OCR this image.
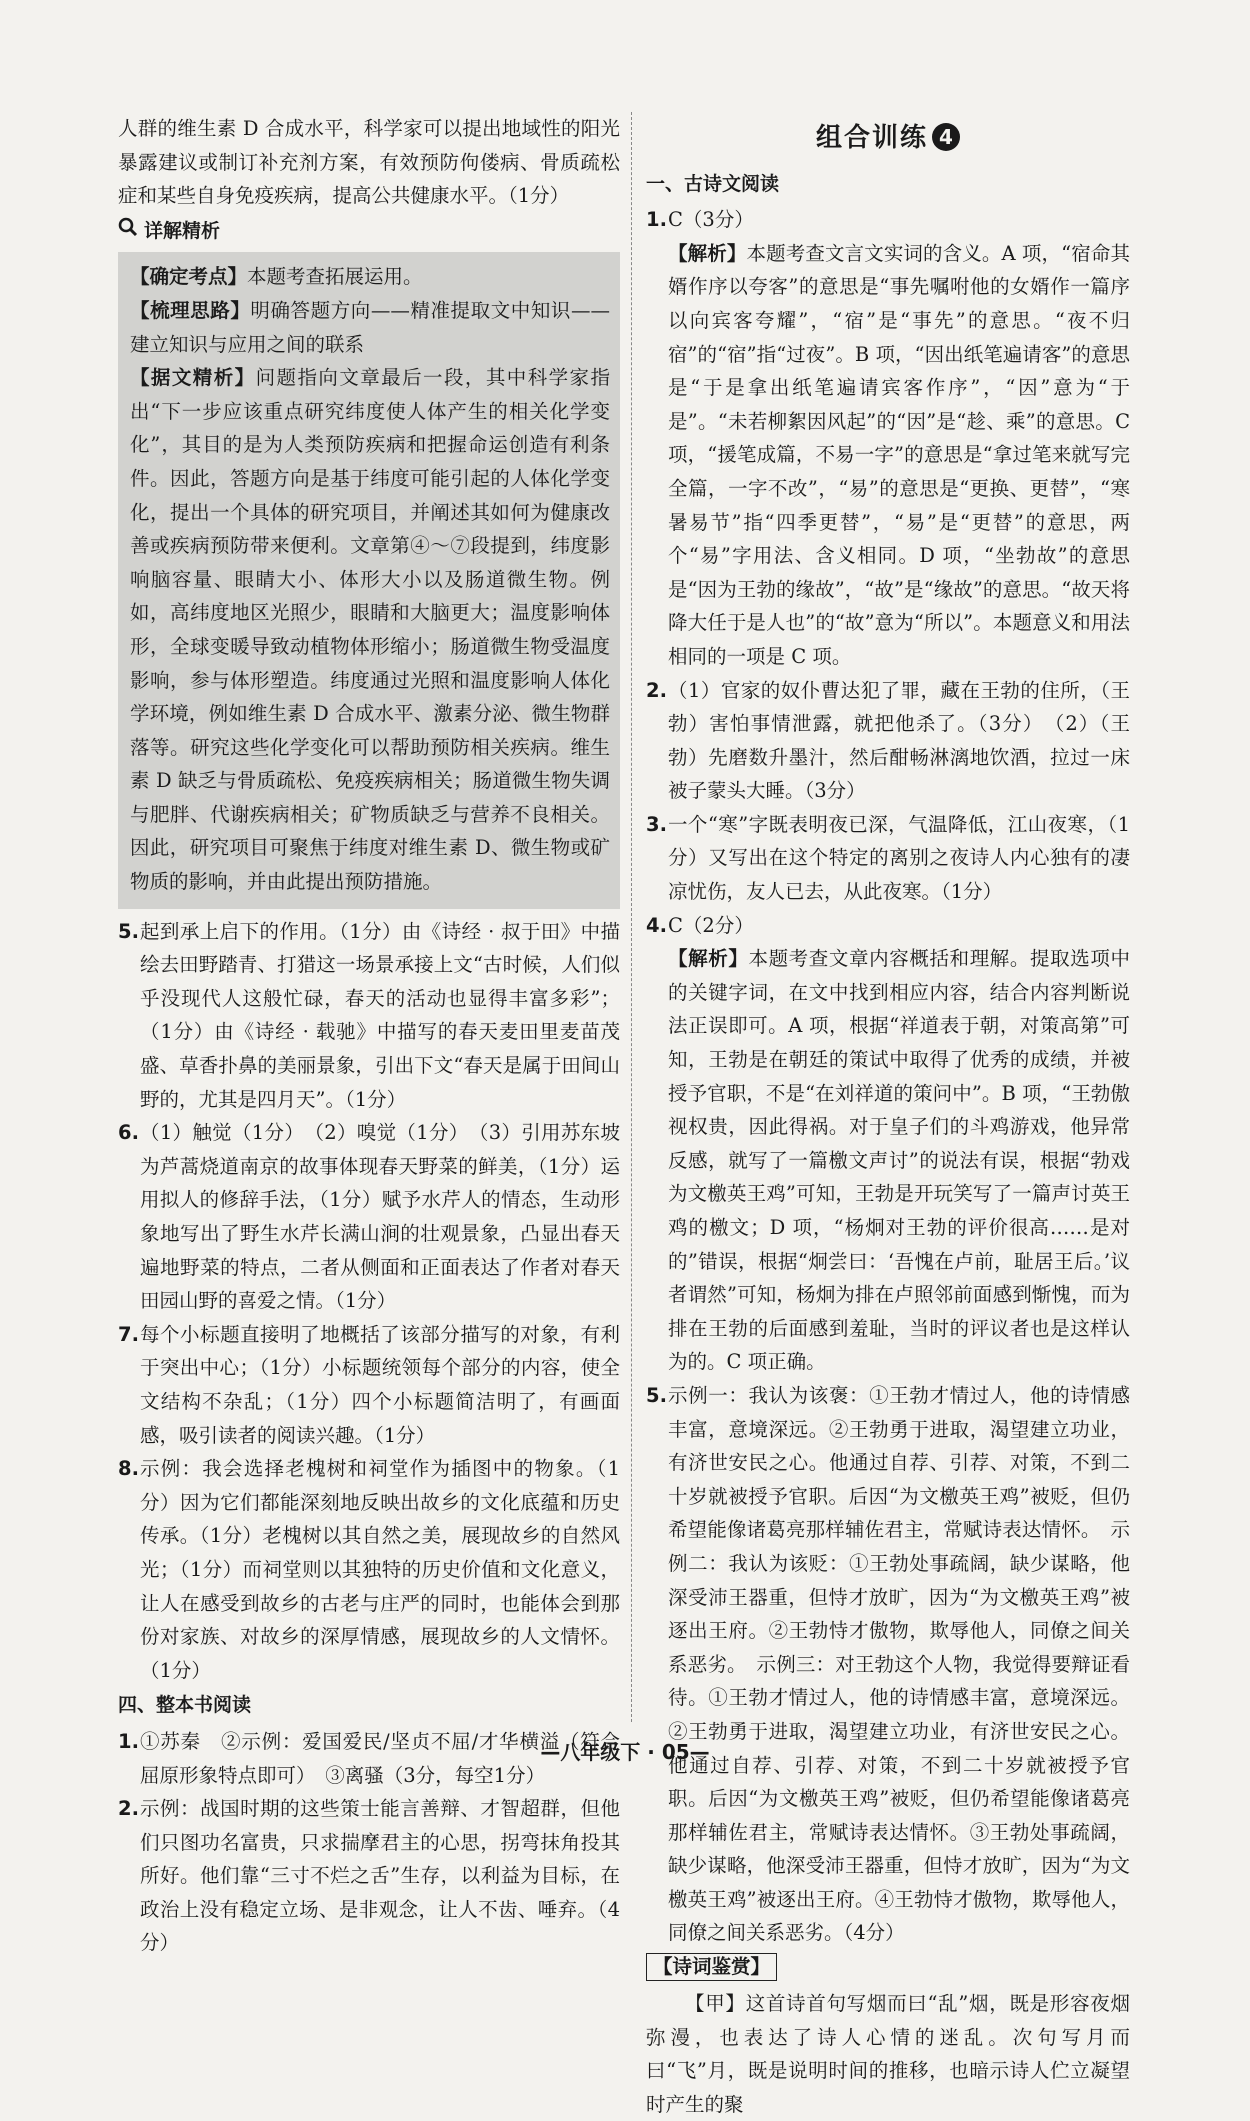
人群的维生素 D 合成水平，科学家可以提出地域性的阳光暴露建议或制订补充剂方案，有效预防佝偻病、骨质疏松症和某些自身免疫疾病，提高公共健康水平。（1分）

详解精析

【确定考点】本题考查拓展运用。

【梳理思路】明确答题方向——精准提取文中知识——建立知识与应用之间的联系

【据文精析】问题指向文章最后一段，其中科学家指出“下一步应该重点研究纬度使人体产生的相关化学变化”，其目的是为人类预防疾病和把握命运创造有利条件。因此，答题方向是基于纬度可能引起的人体化学变化，提出一个具体的研究项目，并阐述其如何为健康改善或疾病预防带来便利。文章第④～⑦段提到，纬度影响脑容量、眼睛大小、体形大小以及肠道微生物。例如，高纬度地区光照少，眼睛和大脑更大；温度影响体形，全球变暖导致动植物体形缩小；肠道微生物受温度影响，参与体形塑造。纬度通过光照和温度影响人体化学环境，例如维生素 D 合成水平、激素分泌、微生物群落等。研究这些化学变化可以帮助预防相关疾病。维生素 D 缺乏与骨质疏松、免疫疾病相关；肠道微生物失调与肥胖、代谢疾病相关；矿物质缺乏与营养不良相关。因此，研究项目可聚焦于纬度对维生素 D、微生物或矿物质的影响，并由此提出预防措施。

5. 起到承上启下的作用。（1分）由《诗经 · 叔于田》中描绘去田野踏青、打猎这一场景承接上文“古时候，人们似乎没现代人这般忙碌，春天的活动也显得丰富多彩”；（1分）由《诗经 · 载驰》中描写的春天麦田里麦苗茂盛、草香扑鼻的美丽景象，引出下文“春天是属于田间山野的，尤其是四月天”。（1分）
6. （1）触觉（1分）　（2）嗅觉（1分）　（3）引用苏东坡为芦蒿烧道南京的故事体现春天野菜的鲜美，（1分）运用拟人的修辞手法，（1分）赋予水芹人的情态，生动形象地写出了野生水芹长满山涧的壮观景象，凸显出春天遍地野菜的特点，二者从侧面和正面表达了作者对春天田园山野的喜爱之情。（1分）
7. 每个小标题直接明了地概括了该部分描写的对象，有利于突出中心；（1分）小标题统领每个部分的内容，使全文结构不杂乱；（1分）四个小标题简洁明了，有画面感，吸引读者的阅读兴趣。（1分）
8. 示例：我会选择老槐树和祠堂作为插图中的物象。（1分）因为它们都能深刻地反映出故乡的文化底蕴和历史传承。（1分）老槐树以其自然之美，展现故乡的自然风光；（1分）而祠堂则以其独特的历史价值和文化意义，让人在感受到故乡的古老与庄严的同时，也能体会到那份对家族、对故乡的深厚情感，展现故乡的人文情怀。（1分）
四、整本书阅读
1. ①苏秦　②示例：爱国爱民/坚贞不屈/才华横溢（符合屈原形象特点即可）　③离骚（3分，每空1分）
2. 示例：战国时期的这些策士能言善辩、才智超群，但他们只图功名富贵，只求揣摩君主的心思，拐弯抹角投其所好。他们靠“三寸不烂之舌”生存，以利益为目标，在政治上没有稳定立场、是非观念，让人不齿、唾弃。（4分）
组合训练 4
一、古诗文阅读
1. C（3分）

【解析】本题考查文言文实词的含义。A 项，“宿命其婿作序以夸客”的意思是“事先嘱咐他的女婿作一篇序以向宾客夸耀”，“宿”是“事先”的意思。“夜不归宿”的“宿”指“过夜”。B 项，“因出纸笔遍请客”的意思是“于是拿出纸笔遍请宾客作序”，“因”意为“于是”。“未若柳絮因风起”的“因”是“趁、乘”的意思。C 项，“援笔成篇，不易一字”的意思是“拿过笔来就写完全篇，一字不改”，“易”的意思是“更换、更替”，“寒暑易节”指“四季更替”，“易”是“更替”的意思，两个“易”字用法、含义相同。D 项，“坐勃故”的意思是“因为王勃的缘故”，“故”是“缘故”的意思。“故天将降大任于是人也”的“故”意为“所以”。本题意义和用法相同的一项是 C 项。

2. （1）官家的奴仆曹达犯了罪，藏在王勃的住所，（王勃）害怕事情泄露，就把他杀了。（3分）　（2）（王勃）先磨数升墨汁，然后酣畅淋漓地饮酒，拉过一床被子蒙头大睡。（3分）
3. 一个“寒”字既表明夜已深，气温降低，江山夜寒，（1分）又写出在这个特定的离别之夜诗人内心独有的凄凉忧伤，友人已去，从此夜寒。（1分）
4. C（2分）

【解析】本题考查文章内容概括和理解。提取选项中的关键字词，在文中找到相应内容，结合内容判断说法正误即可。A 项，根据“祥道表于朝，对策高第”可知，王勃是在朝廷的策试中取得了优秀的成绩，并被授予官职，不是“在刘祥道的策问中”。B 项，“王勃傲视权贵，因此得祸。对于皇子们的斗鸡游戏，他异常反感，就写了一篇檄文声讨”的说法有误，根据“勃戏为文檄英王鸡”可知，王勃是开玩笑写了一篇声讨英王鸡的檄文；D 项，“杨炯对王勃的评价很高……是对的”错误，根据“炯尝曰：‘吾愧在卢前，耻居王后。’议者谓然”可知，杨炯为排在卢照邻前面感到惭愧，而为排在王勃的后面感到羞耻，当时的评议者也是这样认为的。C 项正确。

5. 示例一：我认为该褒：①王勃才情过人，他的诗情感丰富，意境深远。②王勃勇于进取，渴望建立功业，有济世安民之心。他通过自荐、引荐、对策，不到二十岁就被授予官职。后因“为文檄英王鸡”被贬，但仍希望能像诸葛亮那样辅佐君主，常赋诗表达情怀。　示例二：我认为该贬：①王勃处事疏阔，缺少谋略，他深受沛王器重，但恃才放旷，因为“为文檄英王鸡”被逐出王府。②王勃恃才傲物，欺辱他人，同僚之间关系恶劣。　示例三：对王勃这个人物，我觉得要辩证看待。①王勃才情过人，他的诗情感丰富，意境深远。②王勃勇于进取，渴望建立功业，有济世安民之心。他通过自荐、引荐、对策，不到二十岁就被授予官职。后因“为文檄英王鸡”被贬，但仍希望能像诸葛亮那样辅佐君主，常赋诗表达情怀。③王勃处事疏阔，缺少谋略，他深受沛王器重，但恃才放旷，因为“为文檄英王鸡”被逐出王府。④王勃恃才傲物，欺辱他人，同僚之间关系恶劣。（4分）
【诗词鉴赏】

【甲】这首诗首句写烟而曰“乱”烟，既是形容夜烟弥漫，也表达了诗人心情的迷乱。次句写月而曰“飞”月，既是说明时间的推移，也暗示诗人伫立凝望时产生的聚

—八年级下 · 05—
